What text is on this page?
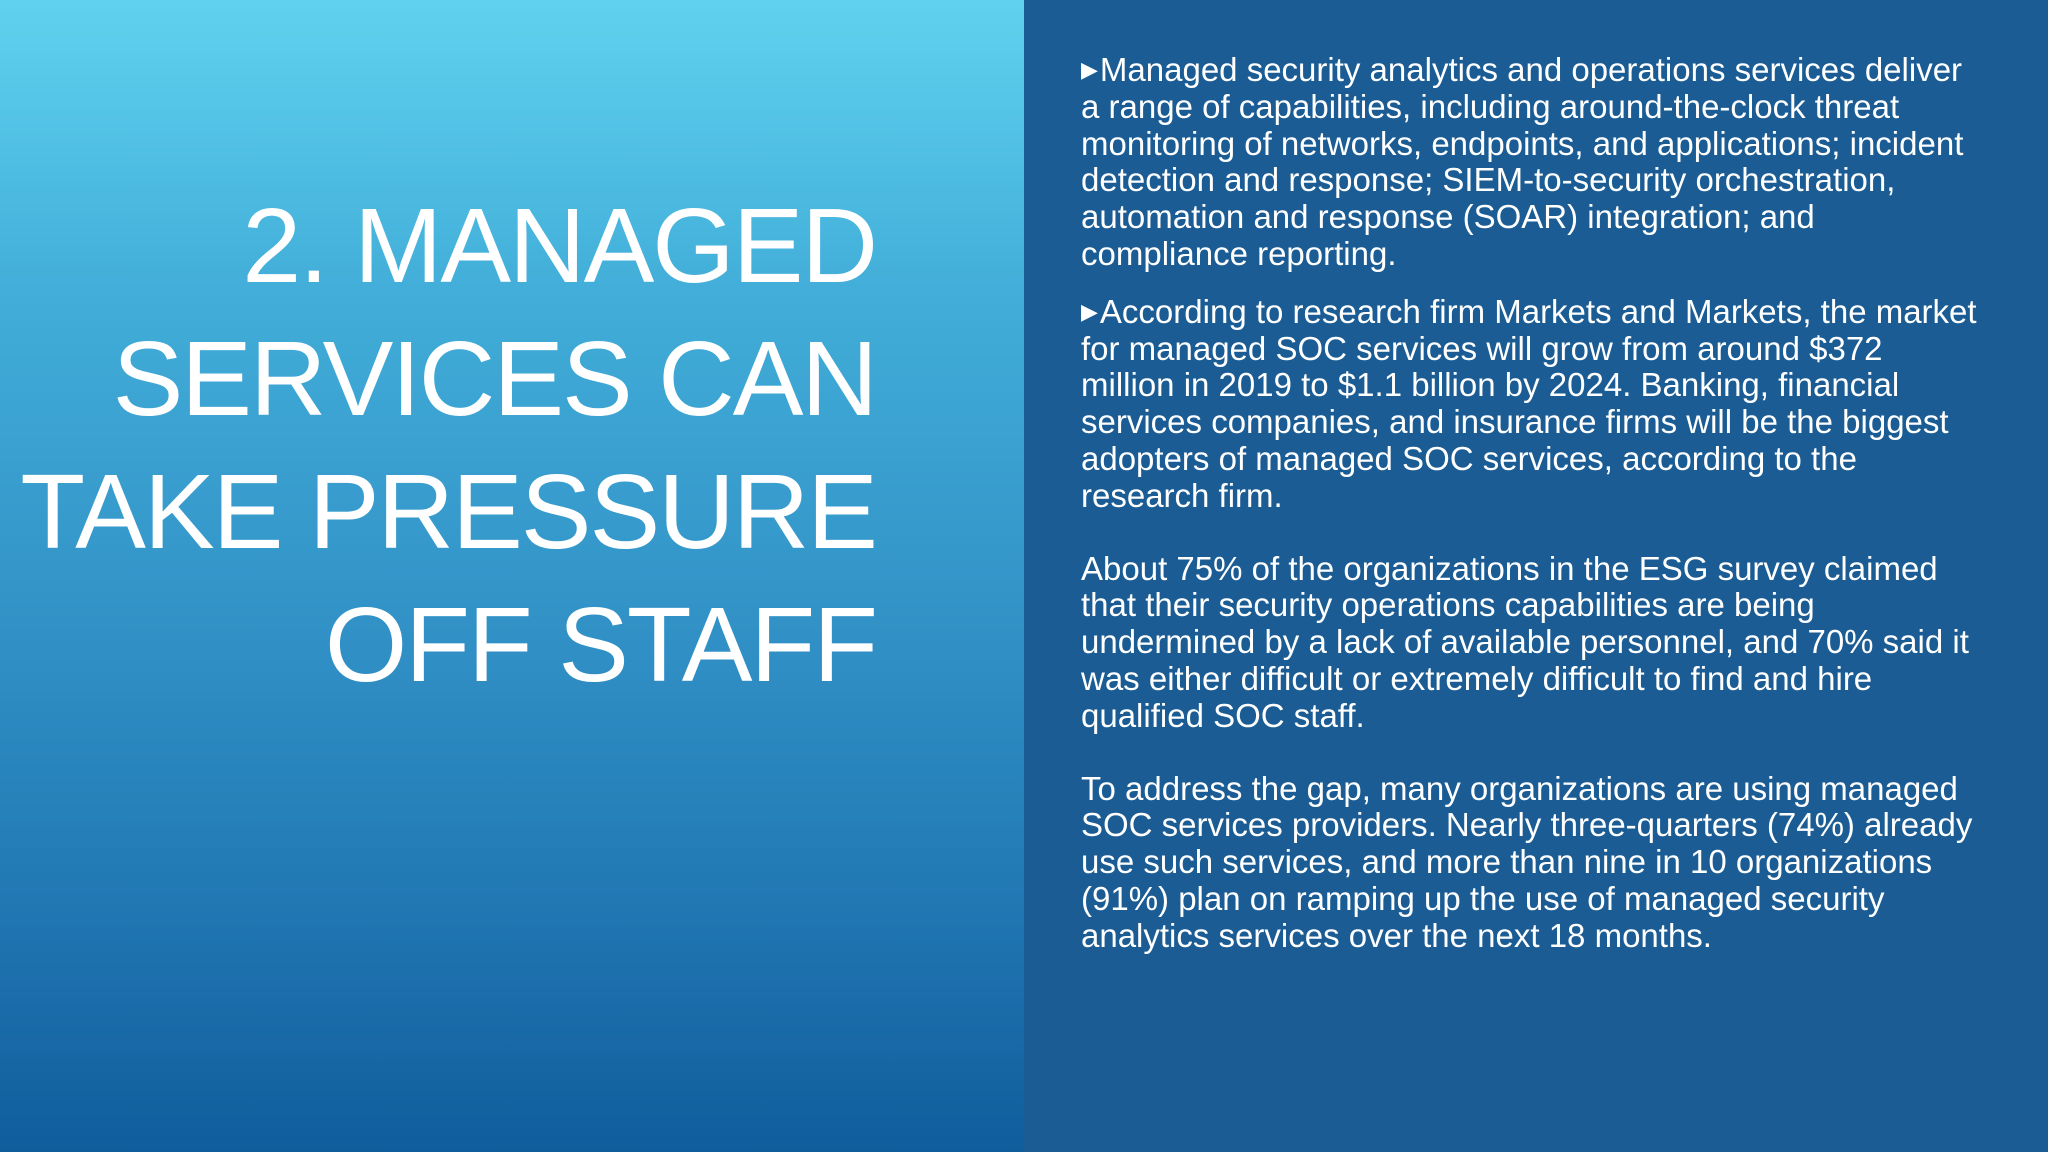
2. MANAGED SERVICES CAN TAKE PRESSURE OFF STAFF

▶Managed security analytics and operations services deliver a range of capabilities, including around-the-clock threat monitoring of networks, endpoints, and applications; incident detection and response; SIEM-to-security orchestration, automation and response (SOAR) integration; and compliance reporting.

▶According to research firm Markets and Markets, the market for managed SOC services will grow from around $372 million in 2019 to $1.1 billion by 2024. Banking, financial services companies, and insurance firms will be the biggest adopters of managed SOC services, according to the research firm.

About 75% of the organizations in the ESG survey claimed that their security operations capabilities are being undermined by a lack of available personnel, and 70% said it was either difficult or extremely difficult to find and hire qualified SOC staff.

To address the gap, many organizations are using managed SOC services providers. Nearly three-quarters (74%) already use such services, and more than nine in 10 organizations (91%) plan on ramping up the use of managed security analytics services over the next 18 months.
